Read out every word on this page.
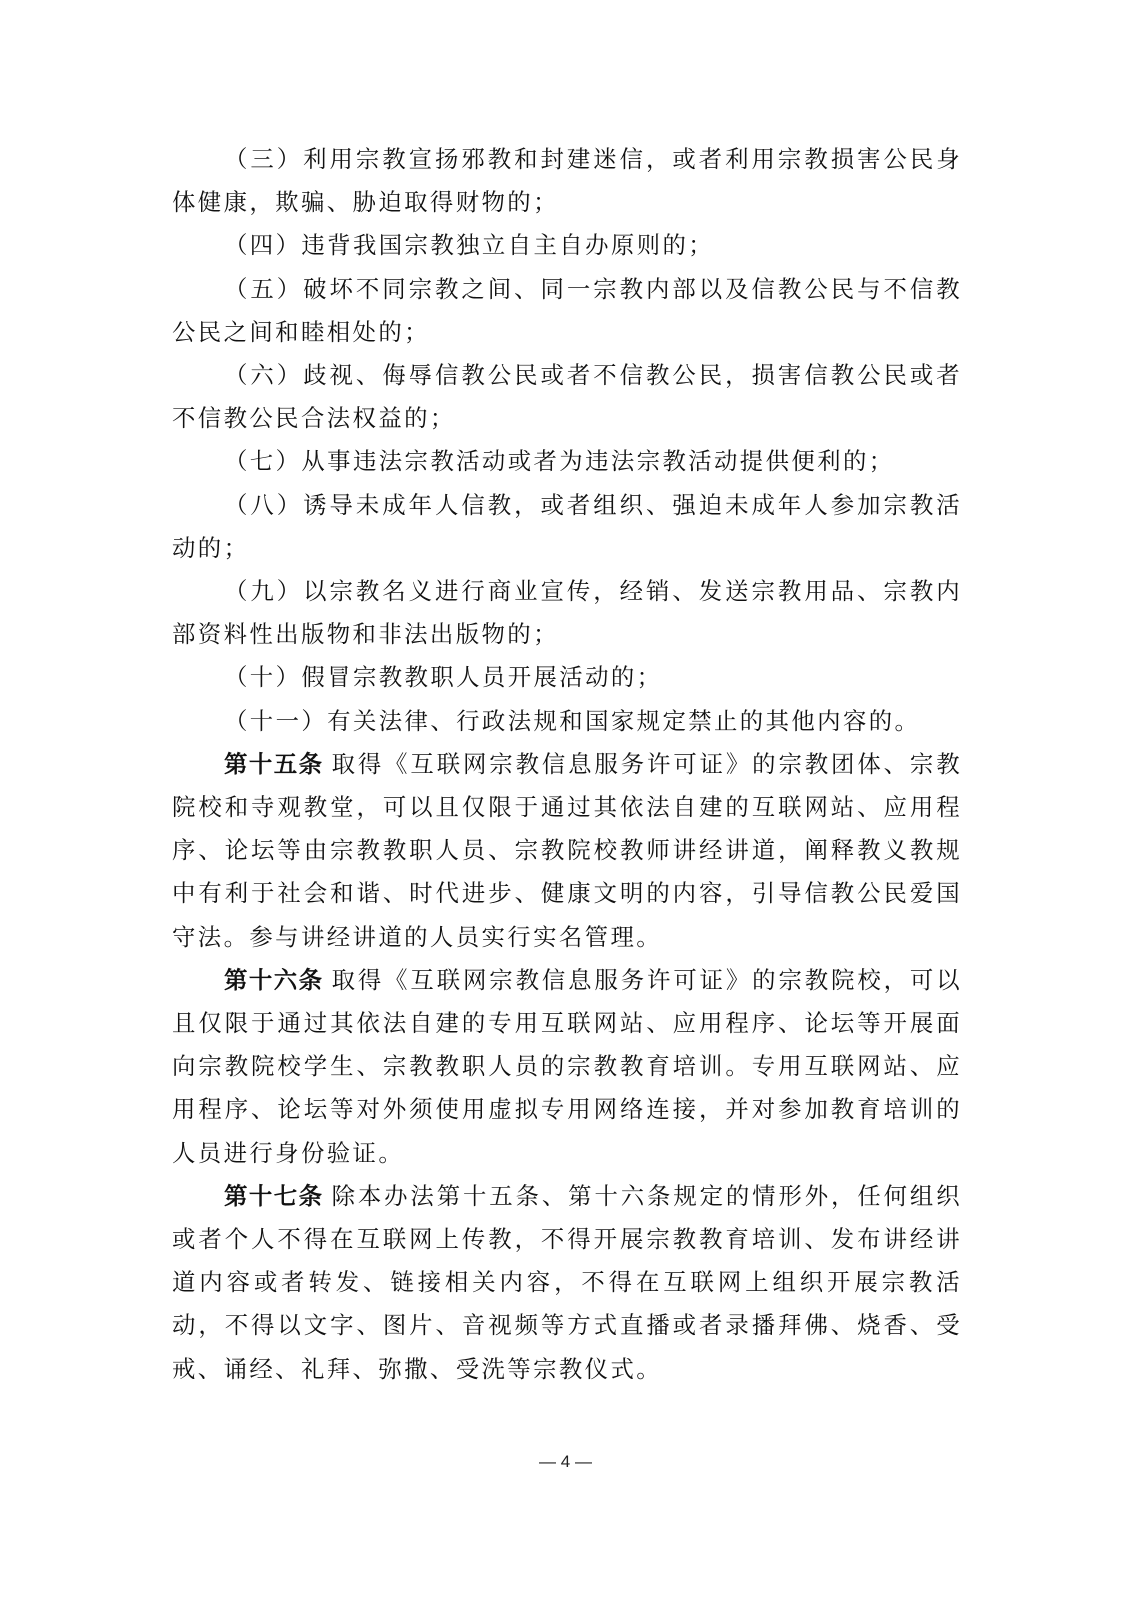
（三）利用宗教宣扬邪教和封建迷信，或者利用宗教损害公民身体健康，欺骗、胁迫取得财物的；

（四）违背我国宗教独立自主自办原则的；

（五）破坏不同宗教之间、同一宗教内部以及信教公民与不信教公民之间和睦相处的；

（六）歧视、侮辱信教公民或者不信教公民，损害信教公民或者不信教公民合法权益的；

（七）从事违法宗教活动或者为违法宗教活动提供便利的；

（八）诱导未成年人信教，或者组织、强迫未成年人参加宗教活动的；

（九）以宗教名义进行商业宣传，经销、发送宗教用品、宗教内部资料性出版物和非法出版物的；

（十）假冒宗教教职人员开展活动的；

（十一）有关法律、行政法规和国家规定禁止的其他内容的。

第十五条 取得《互联网宗教信息服务许可证》的宗教团体、宗教院校和寺观教堂，可以且仅限于通过其依法自建的互联网站、应用程序、论坛等由宗教教职人员、宗教院校教师讲经讲道，阐释教义教规中有利于社会和谐、时代进步、健康文明的内容，引导信教公民爱国守法。参与讲经讲道的人员实行实名管理。

第十六条 取得《互联网宗教信息服务许可证》的宗教院校，可以且仅限于通过其依法自建的专用互联网站、应用程序、论坛等开展面向宗教院校学生、宗教教职人员的宗教教育培训。专用互联网站、应用程序、论坛等对外须使用虚拟专用网络连接，并对参加教育培训的人员进行身份验证。

第十七条 除本办法第十五条、第十六条规定的情形外，任何组织或者个人不得在互联网上传教，不得开展宗教教育培训、发布讲经讲道内容或者转发、链接相关内容，不得在互联网上组织开展宗教活动，不得以文字、图片、音视频等方式直播或者录播拜佛、烧香、受戒、诵经、礼拜、弥撒、受洗等宗教仪式。

— 4 —
